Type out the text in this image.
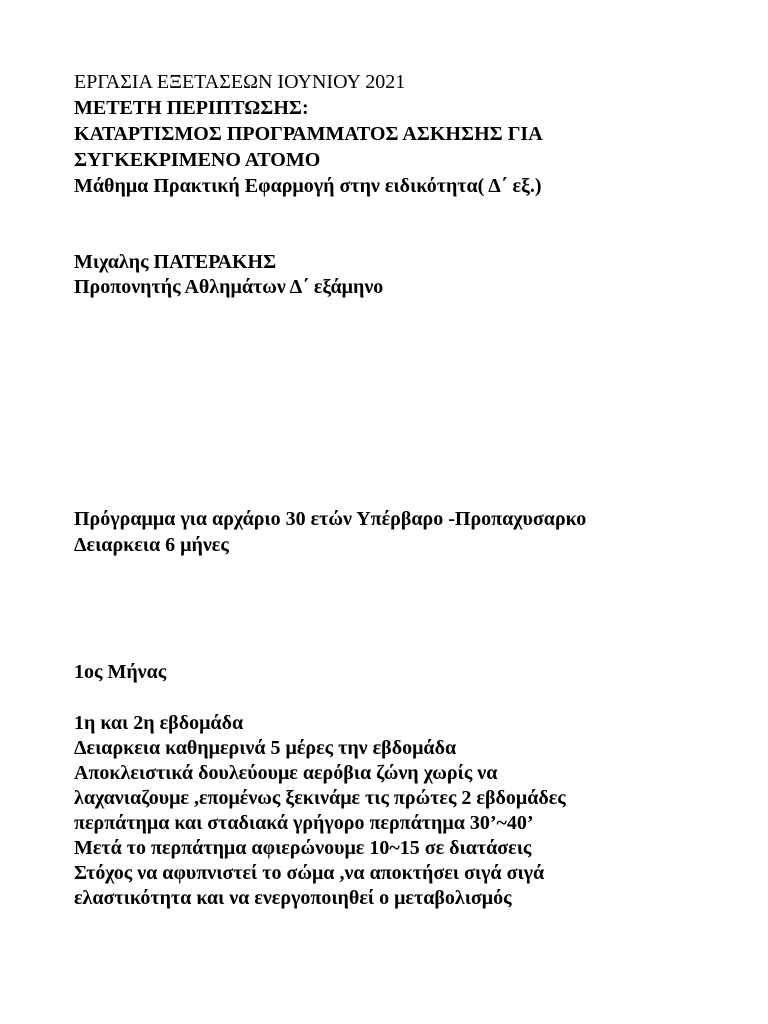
ΕΡΓΑΣΙΑ ΕΞΕΤΑΣΕΩΝ ΙΟΥΝΙΟΥ 2021

ΜΕΤΕΤΗ ΠΕΡΙΠΤΩΣΗΣ:

ΚΑΤΑΡΤΙΣΜΟΣ ΠΡΟΓΡΑΜΜΑΤΟΣ ΑΣΚΗΣΗΣ ΓΙΑ

ΣΥΓΚΕΚΡΙΜΕΝΟ ΑΤΟΜΟ

Μάθημα Πρακτική Εφαρμογή στην ειδικότητα( Δ΄ εξ.)

Μιχαλης ΠΑΤΕΡΑΚΗΣ

Προπονητής Αθλημάτων Δ΄ εξάμηνο

Πρόγραμμα για αρχάριο 30 ετών Υπέρβαρο -Προπαχυσαρκο

Δειαρκεια 6 μήνες

1ος Μήνας

1η και 2η εβδομάδα

Δειαρκεια καθημερινά 5 μέρες την εβδομάδα

Αποκλειστικά δουλεύουμε αερόβια ζώνη χωρίς να

λαχανιαζουμε ,επομένως ξεκινάμε τις πρώτες 2 εβδομάδες

περπάτημα και σταδιακά γρήγορο περπάτημα 30’~40’

Μετά το περπάτημα αφιερώνουμε 10~15 σε διατάσεις

Στόχος να αφυπνιστεί το σώμα ,να αποκτήσει σιγά σιγά

ελαστικότητα και να ενεργοποιηθεί ο μεταβολισμός
